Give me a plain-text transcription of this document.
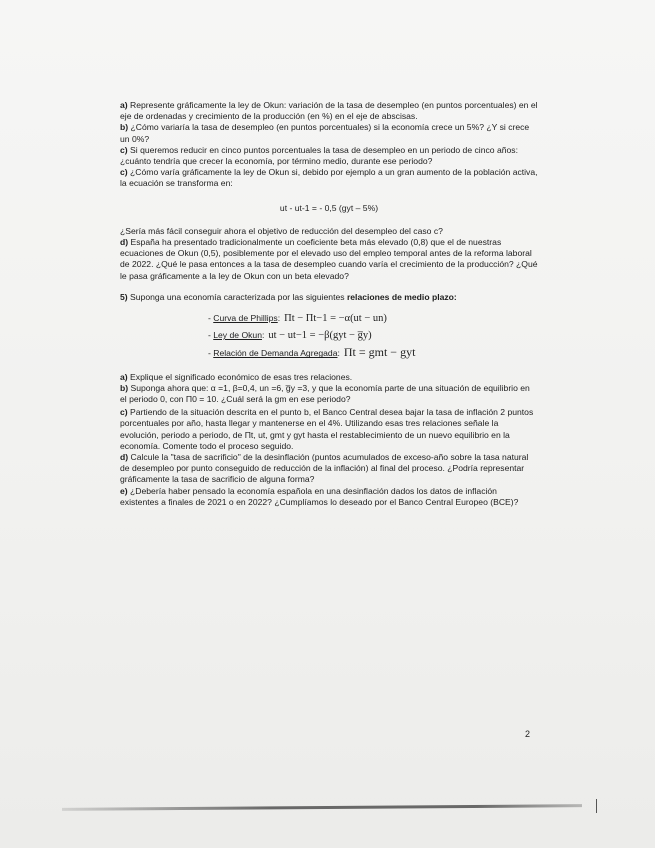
a) Represente gráficamente la ley de Okun: variación de la tasa de desempleo (en puntos porcentuales) en el eje de ordenadas y crecimiento de la producción (en %) en el eje de abscisas.

b) ¿Cómo variaría la tasa de desempleo (en puntos porcentuales) si la economía crece un 5%? ¿Y si crece un 0%?

c) Si queremos reducir en cinco puntos porcentuales la tasa de desempleo en un periodo de cinco años: ¿cuánto tendría que crecer la economía, por término medio, durante ese periodo?

c) ¿Cómo varía gráficamente la ley de Okun si, debido por ejemplo a un gran aumento de la población activa, la ecuación se transforma en:

ut - ut-1 = - 0,5 (gyt – 5%)

¿Sería más fácil conseguir ahora el objetivo de reducción del desempleo del caso c?

d) España ha presentado tradicionalmente un coeficiente beta más elevado (0,8) que el de nuestras ecuaciones de Okun (0,5), posiblemente por el elevado uso del empleo temporal antes de la reforma laboral de 2022. ¿Qué le pasa entonces a la tasa de desempleo cuando varía el crecimiento de la producción? ¿Qué le pasa gráficamente a la ley de Okun con un beta elevado?

5) Suponga una economía caracterizada por las siguientes relaciones de medio plazo:

- Curva de Phillips: Πt − Πt−1 = −α(ut − un)
- Ley de Okun: ut − ut−1 = −β(gyt − g̅y)
- Relación de Demanda Agregada: Πt = gmt − gyt

a) Explique el significado económico de esas tres relaciones.

b) Suponga ahora que: α =1, β=0,4, un =6, g̅y =3, y que la economía parte de una situación de equilibrio en el periodo 0, con Π0 = 10. ¿Cuál será la gm en ese periodo?

c) Partiendo de la situación descrita en el punto b, el Banco Central desea bajar la tasa de inflación 2 puntos porcentuales por año, hasta llegar y mantenerse en el 4%. Utilizando esas tres relaciones señale la evolución, periodo a periodo, de Πt, ut, gmt y gyt hasta el restablecimiento de un nuevo equilibrio en la economía. Comente todo el proceso seguido.

d) Calcule la "tasa de sacrificio" de la desinflación (puntos acumulados de exceso-año sobre la tasa natural de desempleo por punto conseguido de reducción de la inflación) al final del proceso. ¿Podría representar gráficamente la tasa de sacrificio de alguna forma?

e) ¿Debería haber pensado la economía española en una desinflación dados los datos de inflación existentes a finales de 2021 o en 2022? ¿Cumplíamos lo deseado por el Banco Central Europeo (BCE)?

2
